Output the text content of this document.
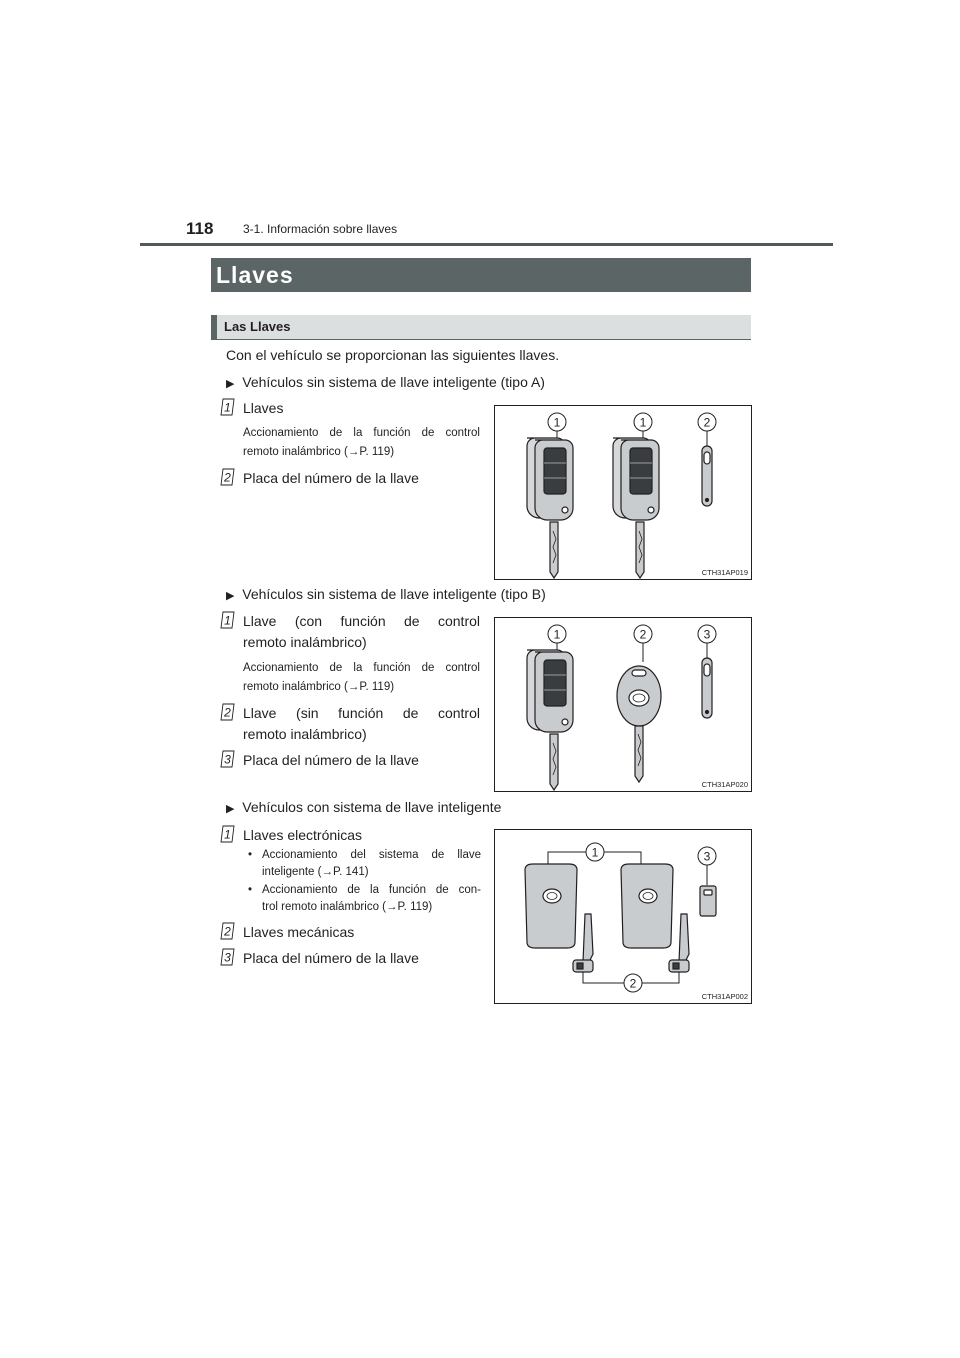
118 3-1. Información sobre llaves
Llaves
Las Llaves
Con el vehículo se proporcionan las siguientes llaves.
▶ Vehículos sin sistema de llave inteligente (tipo A)
1 Llaves
Accionamiento de la función de control
remoto inalámbrico (→P. 119)
2 Placa del número de la llave
1	1	2
CTH31AP019
▶ Vehículos sin sistema de llave inteligente (tipo B)
1 Llave (con función de control
remoto inalámbrico)
Accionamiento de la función de control
remoto inalámbrico (→P. 119)
2 Llave (sin función de control
remoto inalámbrico)
3 Placa del número de la llave
1	2	3
CTH31AP020
▶ Vehículos con sistema de llave inteligente
1 Llaves electrónicas
• Accionamiento del sistema de llave
inteligente (→P. 141)
• Accionamiento de la función de con-
trol remoto inalámbrico (→P. 119)
2 Llaves mecánicas
3 Placa del número de la llave
1	3
2
CTH31AP002
